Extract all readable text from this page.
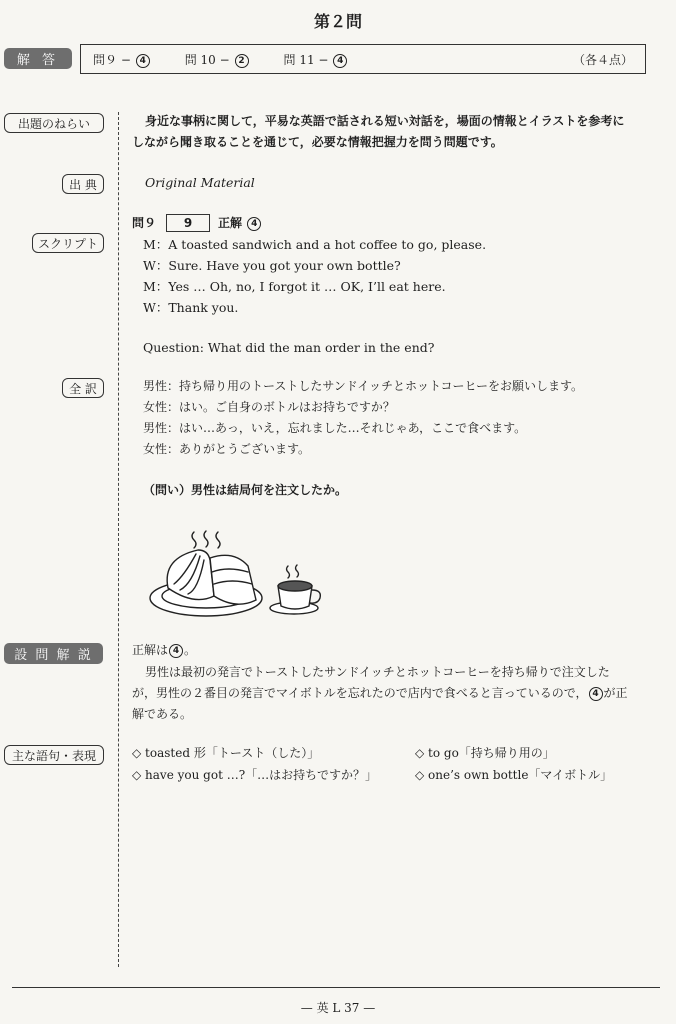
第２問
解 答	問９ − 4	問 10 − 2	問 11 − 4	（各４点）
出題のねらい	身近な事柄に関して，平易な英語で話される短い対話を，場面の情報とイラストを参考に
しながら聞き取ることを通じて，必要な情報把握力を問う問題です。
出 典	Original Material
問９ 9 正解 4
スクリプト	M：A toasted sandwich and a hot coffee to go, please.
W：Sure. Have you got your own bottle?
M：Yes … Oh, no, I forgot it … OK, I’ll eat here.
W：Thank you.
Question: What did the man order in the end?
全 訳	男性：持ち帰り用のトーストしたサンドイッチとホットコーヒーをお願いします。
女性：はい。ご自身のボトルはお持ちですか？
男性：はい…あっ，いえ，忘れました…それじゃあ，ここで食べます。
女性：ありがとうございます。
（問い）男性は結局何を注文したか。
設 問 解 説	正解は 4 。
男性は最初の発言でトーストしたサンドイッチとホットコーヒーを持ち帰りで注文した
が，男性の２番目の発言でマイボトルを忘れたので店内で食べると言っているので， 4 が正
解である。
主な語句・表現	◇ toasted 形「トースト（した）」	◇ to go「持ち帰り用の」
◇ have you got …?「…はお持ちですか？」	◇ one’s own bottle「マイボトル」
— 英 L 37 —
